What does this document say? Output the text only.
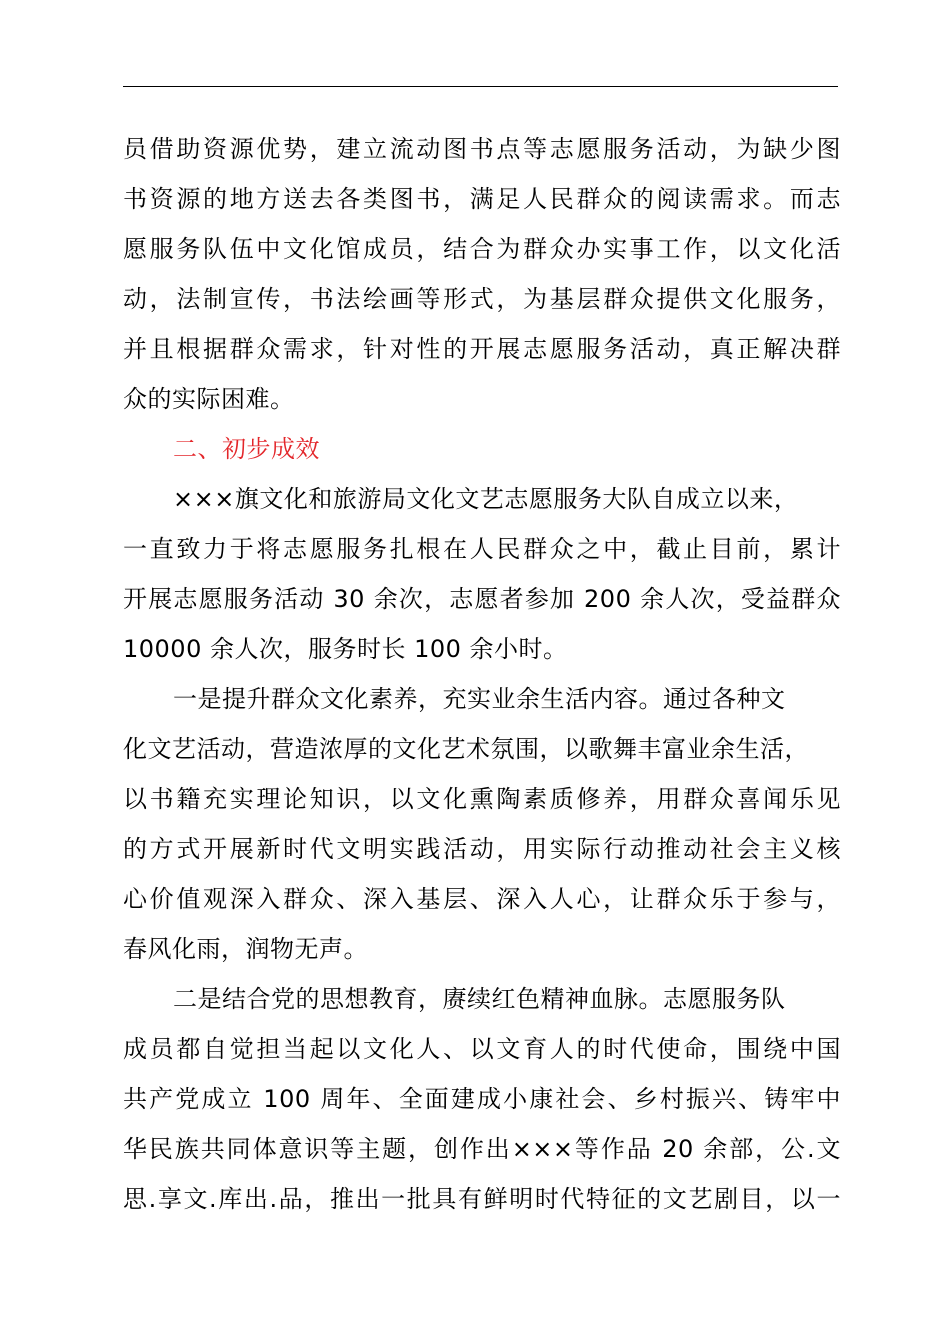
员借助资源优势，建立流动图书点等志愿服务活动，为缺少图
书资源的地方送去各类图书，满足人民群众的阅读需求。而志
愿服务队伍中文化馆成员，结合为群众办实事工作，以文化活
动，法制宣传，书法绘画等形式，为基层群众提供文化服务，
并且根据群众需求，针对性的开展志愿服务活动，真正解决群
众的实际困难。
二、初步成效
×××旗文化和旅游局文化文艺志愿服务大队自成立以来，
一直致力于将志愿服务扎根在人民群众之中，截止目前，累计
开展志愿服务活动 30 余次，志愿者参加 200 余人次，受益群众
10000 余人次，服务时长 100 余小时。
一是提升群众文化素养，充实业余生活内容。通过各种文
化文艺活动，营造浓厚的文化艺术氛围，以歌舞丰富业余生活，
以书籍充实理论知识，以文化熏陶素质修养，用群众喜闻乐见
的方式开展新时代文明实践活动，用实际行动推动社会主义核
心价值观深入群众、深入基层、深入人心，让群众乐于参与，
春风化雨，润物无声。
二是结合党的思想教育，赓续红色精神血脉。志愿服务队
成员都自觉担当起以文化人、以文育人的时代使命，围绕中国
共产党成立 100 周年、全面建成小康社会、乡村振兴、铸牢中
华民族共同体意识等主题，创作出×××等作品 20 余部，公.文
思.享文.库出.品，推出一批具有鲜明时代特征的文艺剧目，以一
